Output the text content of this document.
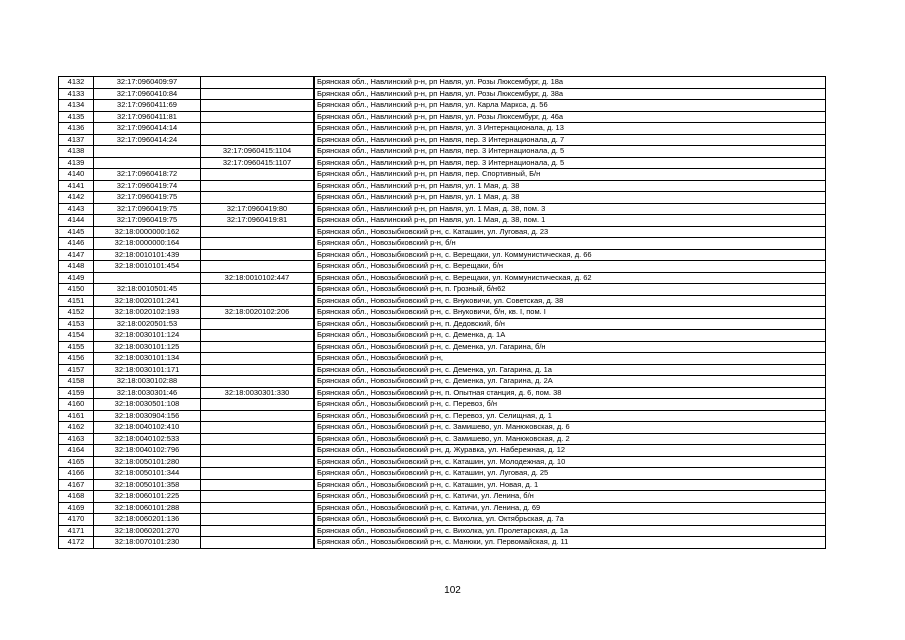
4132	32:17:0960409:97			Брянская обл., Навлинский р-н, рп Навля, ул. Розы Люксембург, д. 18а
4133	32:17:0960410:84			Брянская обл., Навлинский р-н, рп Навля, ул. Розы Люксембург, д. 38а
4134	32:17:0960411:69			Брянская обл., Навлинский р-н, рп Навля, ул. Карла Маркса, д. 56
4135	32:17:0960411:81			Брянская обл., Навлинский р-н, рп Навля, ул. Розы Люксембург, д. 46а
4136	32:17:0960414:14			Брянская обл., Навлинский р-н, рп Навля, ул. 3 Интернационала, д. 13
4137	32:17:0960414:24			Брянская обл., Навлинский р-н, рп Навля, пер. 3 Интернационала, д. 7
4138		32:17:0960415:1104		Брянская обл., Навлинский р-н, рп Навля, пер. 3 Интернационала, д. 5
4139		32:17:0960415:1107		Брянская обл., Навлинский р-н, рп Навля, пер. 3 Интернационала, д. 5
4140	32:17:0960418:72			Брянская обл., Навлинский р-н, рп Навля, пер. Спортивный, Б/н
4141	32:17:0960419:74			Брянская обл., Навлинский р-н, рп Навля, ул. 1 Мая, д. 38
4142	32:17:0960419:75			Брянская обл., Навлинский р-н, рп Навля, ул. 1 Мая, д. 38
4143	32:17:0960419:75	32:17:0960419:80		Брянская обл., Навлинский р-н, рп Навля, ул. 1 Мая, д. 38, пом. 3
4144	32:17:0960419:75	32:17:0960419:81		Брянская обл., Навлинский р-н, рп Навля, ул. 1 Мая, д. 38, пом. 1
4145	32:18:0000000:162			Брянская обл., Новозыбковский р-н, с. Каташин, ул. Луговая, д. 23
4146	32:18:0000000:164			Брянская обл., Новозыбковский р-н, б/н
4147	32:18:0010101:439			Брянская обл., Новозыбковский р-н, с. Верещаки, ул. Коммунистическая, д. 66
4148	32:18:0010101:454			Брянская обл., Новозыбковский р-н, с. Верещаки, б/н
4149		32:18:0010102:447		Брянская обл., Новозыбковский р-н, с. Верещаки, ул. Коммунистическая, д. 62
4150	32:18:0010501:45			Брянская обл., Новозыбковский р-н, п. Грозный, б/н62
4151	32:18:0020101:241			Брянская обл., Новозыбковский р-н, с. Внуковичи, ул. Советская, д. 38
4152	32:18:0020102:193	32:18:0020102:206		Брянская обл., Новозыбковский р-н, с. Внуковичи, б/н, кв. I, пом. I
4153	32:18:0020501:53			Брянская обл., Новозыбковский р-н, п. Дедовский, б/н
4154	32:18:0030101:124			Брянская обл., Новозыбковский р-н, с. Деменка, д. 1А
4155	32:18:0030101:125			Брянская обл., Новозыбковский р-н, с. Деменка, ул. Гагарина, б/н
4156	32:18:0030101:134			Брянская обл., Новозыбковский р-н,
4157	32:18:0030101:171			Брянская обл., Новозыбковский р-н, с. Деменка, ул. Гагарина, д. 1а
4158	32:18:0030102:88			Брянская обл., Новозыбковский р-н, с. Деменка, ул. Гагарина, д. 2А
4159	32:18:0030301:46	32:18:0030301:330		Брянская обл., Новозыбковский р-н, п. Опытная станция, д. 6, пом. 38
4160	32:18:0030501:108			Брянская обл., Новозыбковский р-н, с. Перевоз, б/н
4161	32:18:0030904:156			Брянская обл., Новозыбковский р-н, с. Перевоз, ул. Селищная, д. 1
4162	32:18:0040102:410			Брянская обл., Новозыбковский р-н, с. Замишево, ул. Манюковская, д. 6
4163	32:18:0040102:533			Брянская обл., Новозыбковский р-н, с. Замишево, ул. Манюковская, д. 2
4164	32:18:0040102:796			Брянская обл., Новозыбковский р-н, д. Журавка, ул. Набережная, д. 12
4165	32:18:0050101:280			Брянская обл., Новозыбковский р-н, с. Каташин, ул. Молодежная, д. 10
4166	32:18:0050101:344			Брянская обл., Новозыбковский р-н, с. Каташин, ул. Луговая, д. 25
4167	32:18:0050101:358			Брянская обл., Новозыбковский р-н, с. Каташин, ул. Новая, д. 1
4168	32:18:0060101:225			Брянская обл., Новозыбковский р-н, с. Катичи, ул. Ленина, б/н
4169	32:18:0060101:288			Брянская обл., Новозыбковский р-н, с. Катичи, ул. Ленина, д. 69
4170	32:18:0060201:136			Брянская обл., Новозыбковский р-н, с. Вихолка, ул. Октябрьская, д. 7а
4171	32:18:0060201:270			Брянская обл., Новозыбковский р-н, с. Вихолка, ул. Пролетарская, д. 1а
4172	32:18:0070101:230			Брянская обл., Новозыбковский р-н, с. Манюки, ул. Первомайская, д. 11
102
